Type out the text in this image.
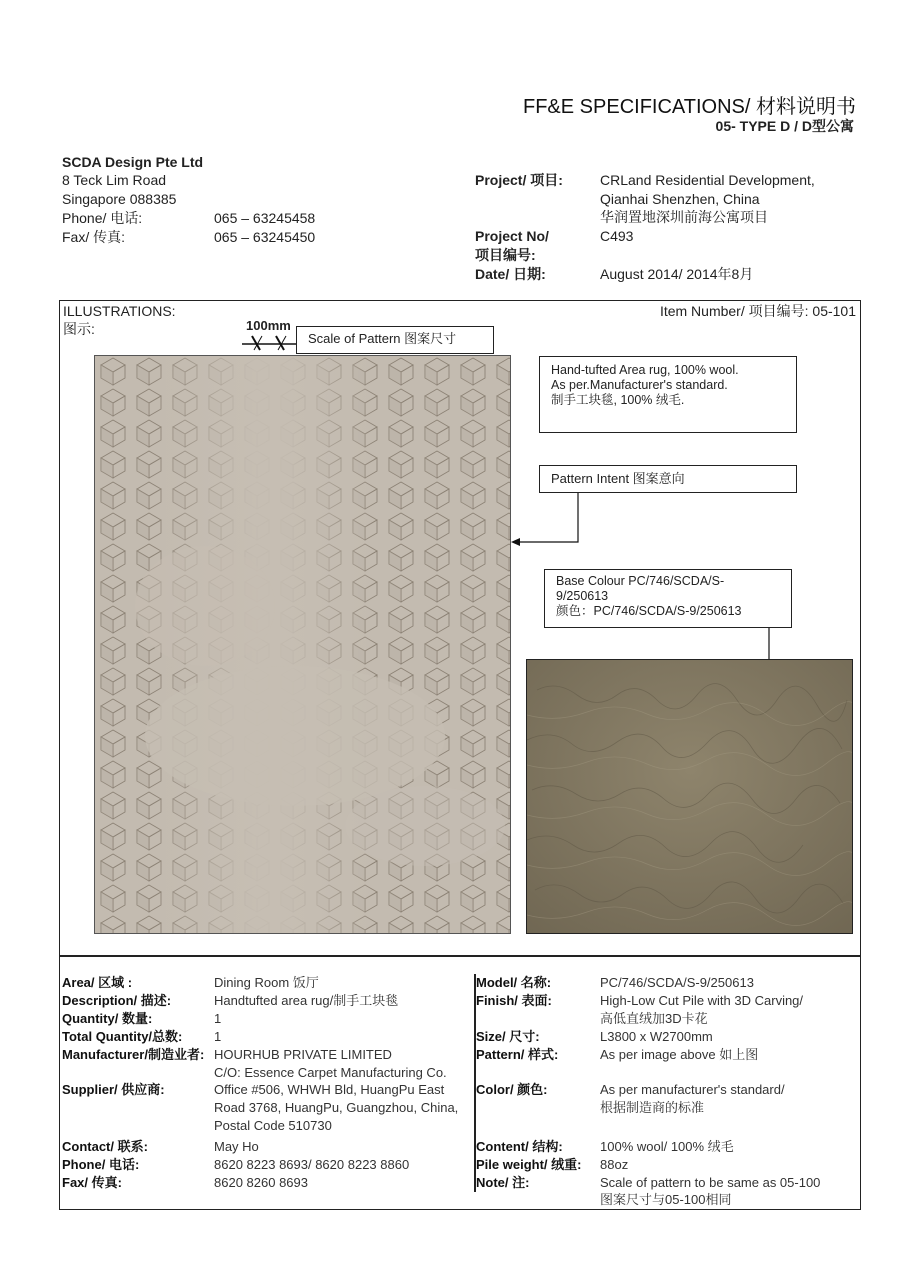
FF&E SPECIFICATIONS/ 材料说明书
05- TYPE D / D型公寓
SCDA Design Pte Ltd
8 Teck Lim Road
Singapore 088385
Phone/ 电话:	065 – 63245458
Fax/ 传真:	065 – 63245450
Project/ 项目:	CRLand Residential Development,
Qianhai Shenzhen, China
华润置地深圳前海公寓项目
Project No/
项目编号:
C493
Date/ 日期:	August 2014/ 2014年8月
ILLUSTRATIONS:
图示:
Item Number/ 项目编号: 05-101
100mm
Scale of Pattern 图案尺寸
Hand-tufted Area rug, 100% wool.
As per.Manufacturer's standard.
制手工块毯, 100% 绒毛.
Pattern Intent 图案意向
Base Colour PC/746/SCDA/S-
9/250613
颜色：PC/746/SCDA/S-9/250613
Area/ 区域 :	Dining Room 饭厅
Description/ 描述:	Handtufted area rug/制手工块毯
Quantity/ 数量:	1
Total Quantity/总数: 1
Manufacturer/制造业者: HOURHUB PRIVATE LIMITED
C/O: Essence Carpet Manufacturing Co.
Supplier/ 供应商:	Office #506, WHWH Bld, HuangPu East
Road 3768, HuangPu, Guangzhou, China,
Postal Code 510730
Contact/ 联系:	May Ho
Phone/ 电话:	8620 8223 8693/ 8620 8223 8860
Fax/ 传真:	8620 8260 8693
Model/ 名称:	PC/746/SCDA/S-9/250613
Finish/ 表面:	High-Low Cut Pile with 3D Carving/
高低直绒加3D卡花
Size/ 尺寸:	L3800 x W2700mm
Pattern/ 样式:	As per image above 如上图
Color/ 颜色:	As per manufacturer's standard/
根据制造商的标准
Content/ 结构:	100% wool/ 100% 绒毛
Pile weight/ 绒重: 88oz
Note/ 注:	Scale of pattern to be same as 05-100
图案尺寸与05-100相同
